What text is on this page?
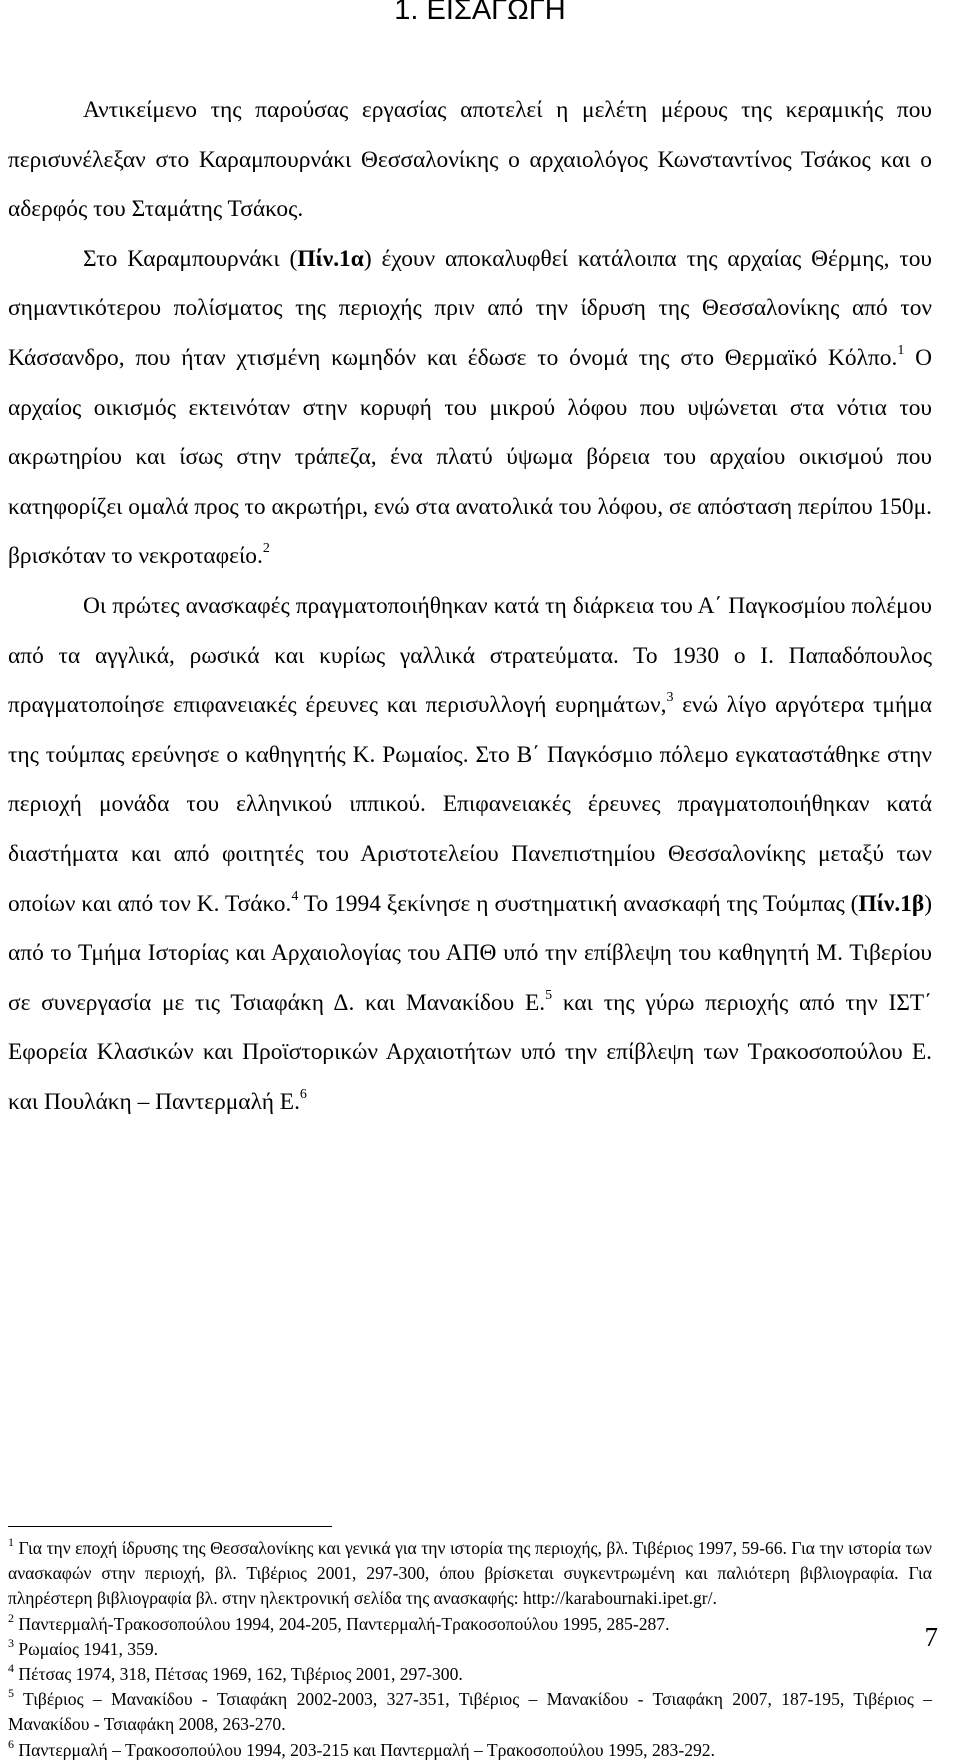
1. ΕΙΣΑΓΩΓΗ

Αντικείμενο της παρούσας εργασίας αποτελεί η μελέτη μέρους της κεραμικής που περισυνέλεξαν στο Καραμπουρνάκι Θεσσαλονίκης ο αρχαιολόγος Κωνσταντίνος Τσάκος και ο αδερφός του Σταμάτης Τσάκος.

Στο Καραμπουρνάκι (Πίν.1α) έχουν αποκαλυφθεί κατάλοιπα της αρχαίας Θέρμης, του σημαντικότερου πολίσματος της περιοχής πριν από την ίδρυση της Θεσσαλονίκης από τον Κάσσανδρο, που ήταν χτισμένη κωμηδόν και έδωσε το όνομά της στο Θερμαϊκό Κόλπο.$^1$ Ο αρχαίος οικισμός εκτεινόταν στην κορυφή του μικρού λόφου που υψώνεται στα νότια του ακρωτηρίου και ίσως στην τράπεζα, ένα πλατύ ύψωμα βόρεια του αρχαίου οικισμού που κατηφορίζει ομαλά προς το ακρωτήρι, ενώ στα ανατολικά του λόφου, σε απόσταση περίπου 150μ. βρισκόταν το νεκροταφείο.$^2$

Οι πρώτες ανασκαφές πραγματοποιήθηκαν κατά τη διάρκεια του Α΄ Παγκοσμίου πολέμου από τα αγγλικά, ρωσικά και κυρίως γαλλικά στρατεύματα. Το 1930 ο Ι. Παπαδόπουλος πραγματοποίησε επιφανειακές έρευνες και περισυλλογή ευρημάτων,$^3$ ενώ λίγο αργότερα τμήμα της τούμπας ερεύνησε ο καθηγητής Κ. Ρωμαίος. Στο Β΄ Παγκόσμιο πόλεμο εγκαταστάθηκε στην περιοχή μονάδα του ελληνικού ιππικού. Επιφανειακές έρευνες πραγματοποιήθηκαν κατά διαστήματα και από φοιτητές του Αριστοτελείου Πανεπιστημίου Θεσσαλονίκης μεταξύ των οποίων και από τον Κ. Τσάκο.$^4$ Το 1994 ξεκίνησε η συστηματική ανασκαφή της Τούμπας (Πίν.1β) από το Τμήμα Ιστορίας και Αρχαιολογίας του ΑΠΘ υπό την επίβλεψη του καθηγητή Μ. Τιβερίου σε συνεργασία με τις Τσιαφάκη Δ. και Μανακίδου Ε.$^5$ και της γύρω περιοχής από την ΙΣΤ΄ Εφορεία Κλασικών και Προϊστορικών Αρχαιοτήτων υπό την επίβλεψη των Τρακοσοπούλου Ε. και Πουλάκη – Παντερμαλή Ε.$^6$

$^1$ Για την εποχή ίδρυσης της Θεσσαλονίκης και γενικά για την ιστορία της περιοχής, βλ. Τιβέριος 1997, 59-66. Για την ιστορία των ανασκαφών στην περιοχή, βλ. Τιβέριος 2001, 297-300, όπου βρίσκεται συγκεντρωμένη και παλιότερη βιβλιογραφία. Για πληρέστερη βιβλιογραφία βλ. στην ηλεκτρονική σελίδα της ανασκαφής: http://karabournaki.ipet.gr/.

$^2$ Παντερμαλή-Τρακοσοπούλου 1994, 204-205, Παντερμαλή-Τρακοσοπούλου 1995, 285-287.

$^3$ Ρωμαίος 1941, 359.

$^4$ Πέτσας 1974, 318, Πέτσας 1969, 162, Τιβέριος 2001, 297-300.

$^5$ Τιβέριος – Μανακίδου - Τσιαφάκη 2002-2003, 327-351, Τιβέριος – Μανακίδου - Τσιαφάκη 2007, 187-195, Τιβέριος – Μανακίδου - Τσιαφάκη 2008, 263-270.

$^6$ Παντερμαλή – Τρακοσοπούλου 1994, 203-215 και Παντερμαλή – Τρακοσοπούλου 1995, 283-292.

7
